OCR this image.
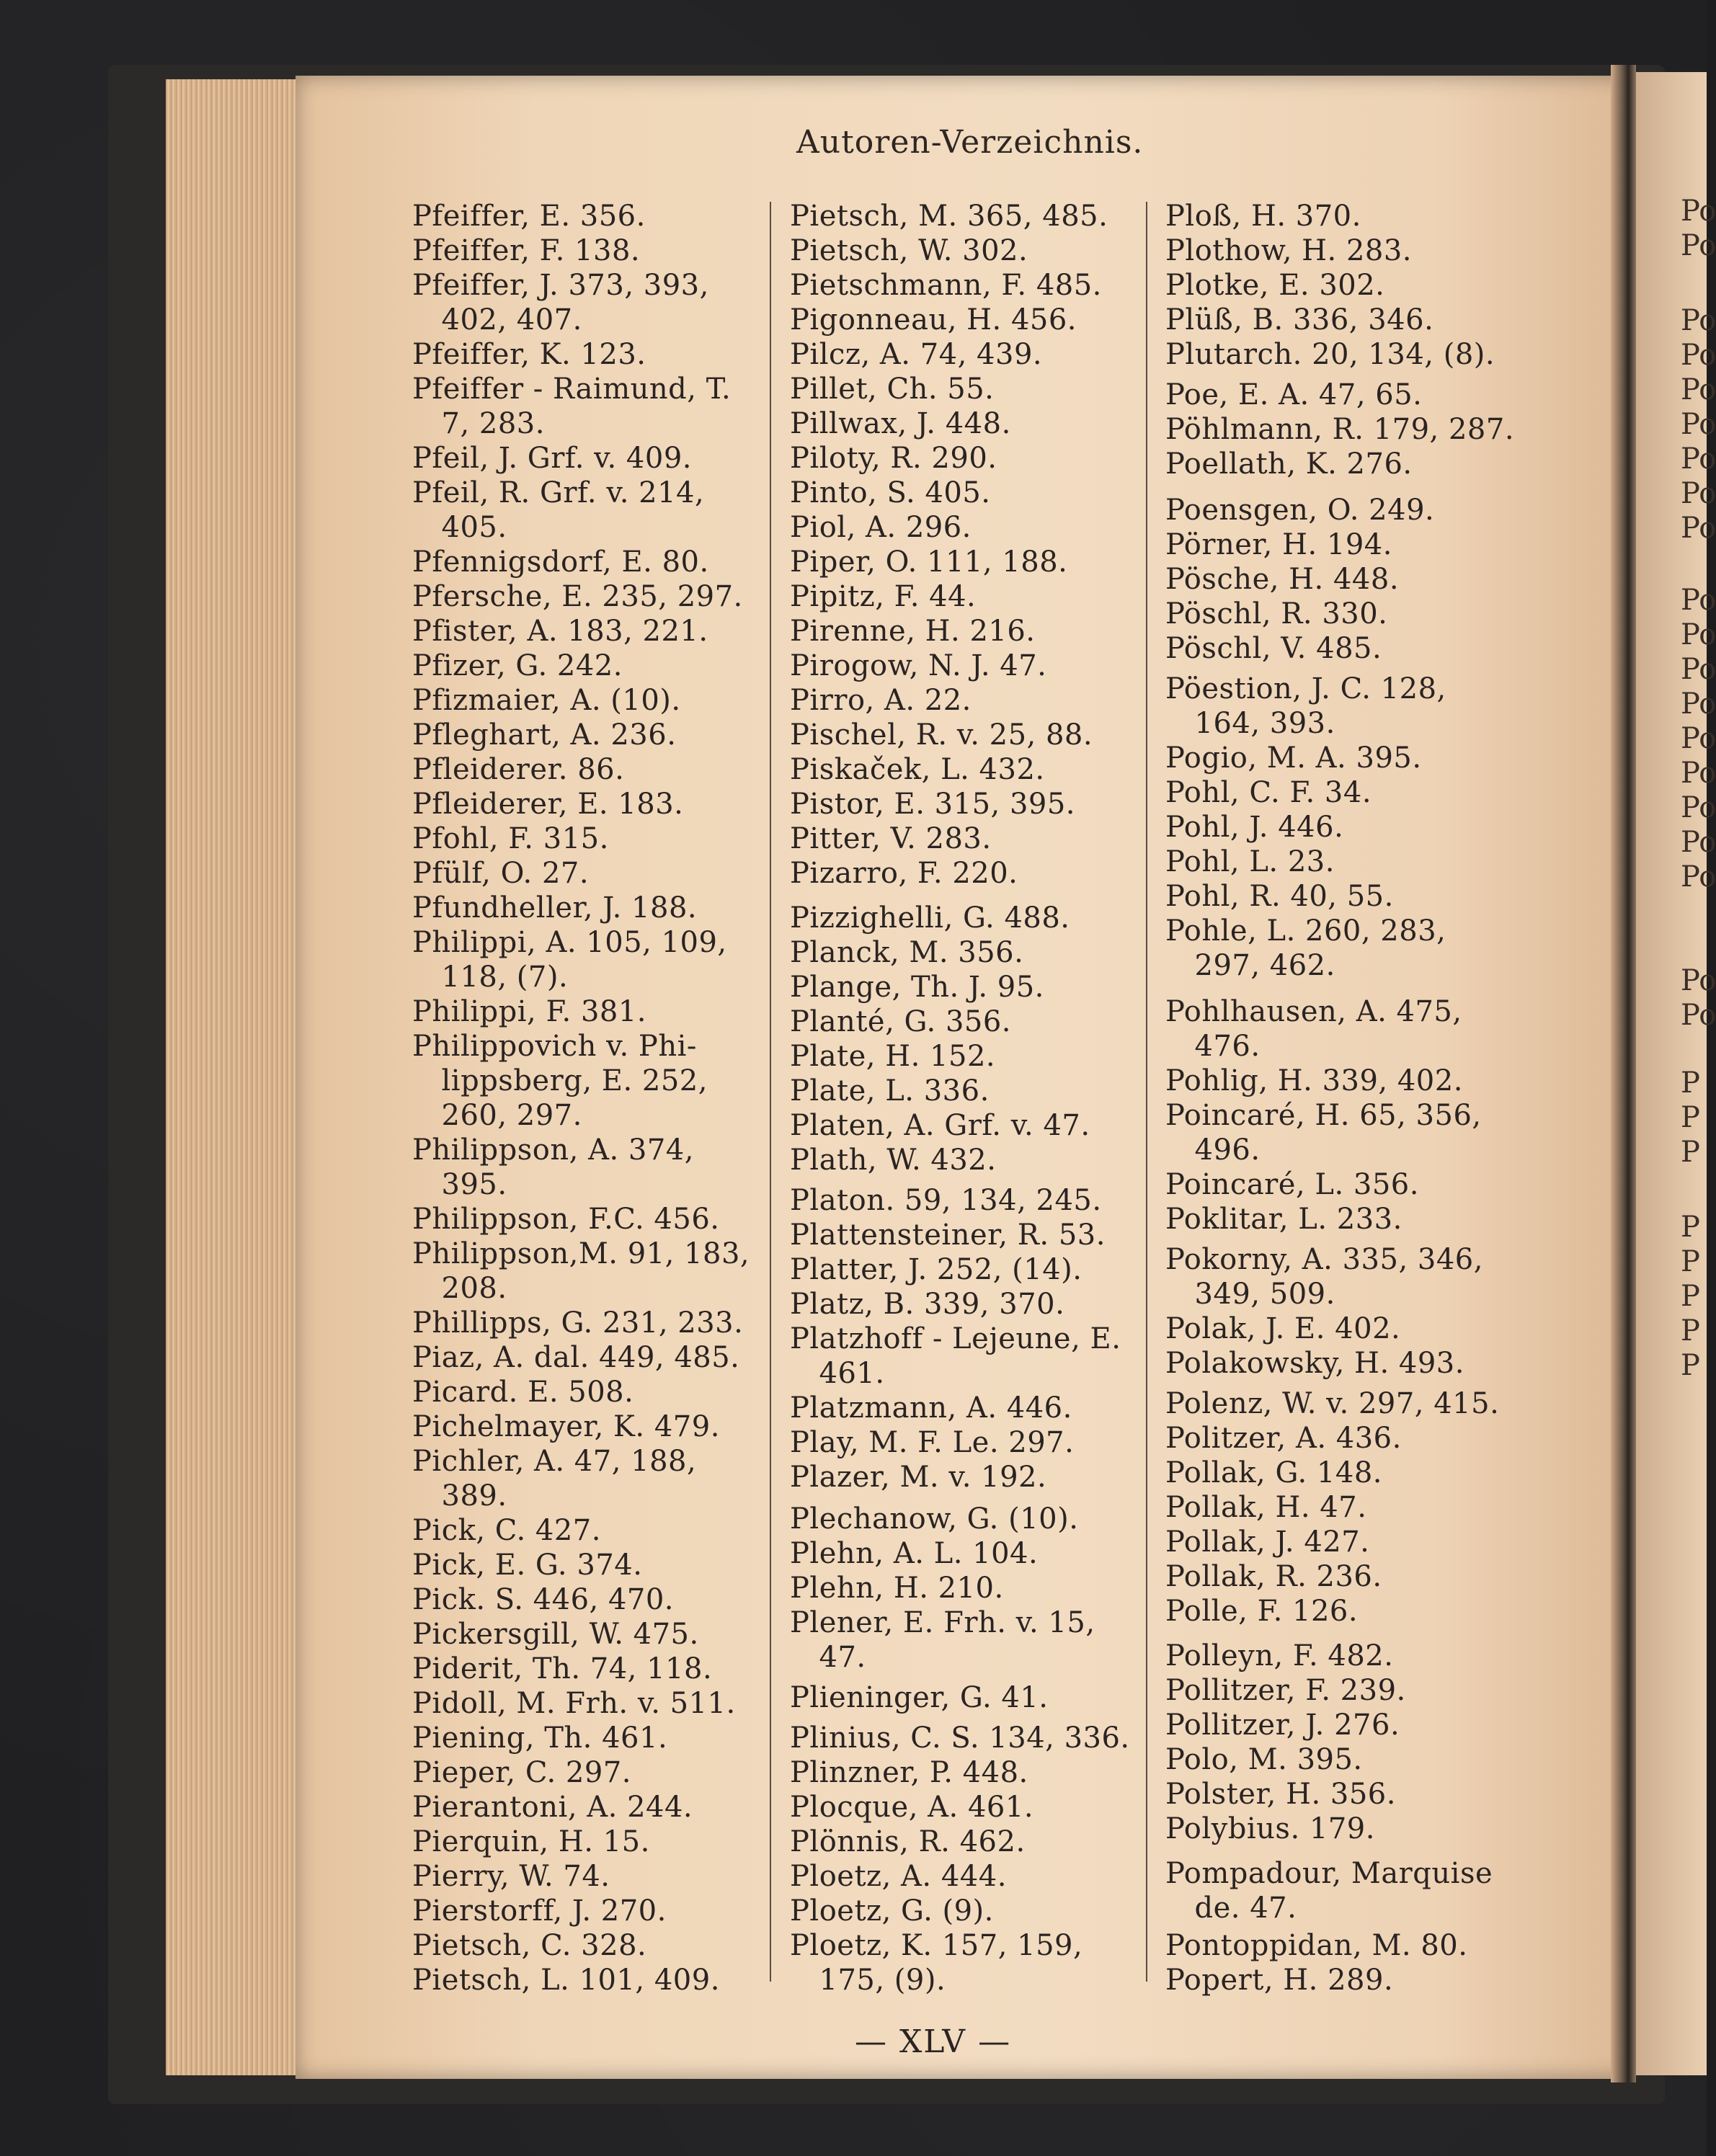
Po
Po
Po
Po
Po
Po
Po
Po
Po
Po
Po
Po
Po
Po
Po
Po
Po
Po
Po
Po
P
P
P
P
P
P
P
P
Autoren-Verzeichnis.
Pfeiffer, E. 356.
Pfeiffer, F. 138.
Pfeiffer, J. 373, 393,
 402, 407.
Pfeiffer, K. 123.
Pfeiffer - Raimund, T.
 7, 283.
Pfeil, J. Grf. v. 409.
Pfeil, R. Grf. v. 214,
 405.
Pfennigsdorf, E. 80.
Pfersche, E. 235, 297.
Pfister, A. 183, 221.
Pfizer, G. 242.
Pfizmaier, A. (10).
Pfleghart, A. 236.
Pfleiderer. 86.
Pfleiderer, E. 183.
Pfohl, F. 315.
Pfülf, O. 27.
Pfundheller, J. 188.
Philippi, A. 105, 109,
 118, (7).
Philippi, F. 381.
Philippovich v. Phi-
 lippsberg, E. 252,
 260, 297.
Philippson, A. 374,
 395.
Philippson, F.C. 456.
Philippson,M. 91, 183,
 208.
Phillipps, G. 231, 233.
Piaz, A. dal. 449, 485.
Picard. E. 508.
Pichelmayer, K. 479.
Pichler, A. 47, 188,
 389.
Pick, C. 427.
Pick, E. G. 374.
Pick. S. 446, 470.
Pickersgill, W. 475.
Piderit, Th. 74, 118.
Pidoll, M. Frh. v. 511.
Piening, Th. 461.
Pieper, C. 297.
Pierantoni, A. 244.
Pierquin, H. 15.
Pierry, W. 74.
Pierstorff, J. 270.
Pietsch, C. 328.
Pietsch, L. 101, 409.
Pietsch, M. 365, 485.
Pietsch, W. 302.
Pietschmann, F. 485.
Pigonneau, H. 456.
Pilcz, A. 74, 439.
Pillet, Ch. 55.
Pillwax, J. 448.
Piloty, R. 290.
Pinto, S. 405.
Piol, A. 296.
Piper, O. 111, 188.
Pipitz, F. 44.
Pirenne, H. 216.
Pirogow, N. J. 47.
Pirro, A. 22.
Pischel, R. v. 25, 88.
Piskaček, L. 432.
Pistor, E. 315, 395.
Pitter, V. 283.
Pizarro, F. 220.
Pizzighelli, G. 488.
Planck, M. 356.
Plange, Th. J. 95.
Planté, G. 356.
Plate, H. 152.
Plate, L. 336.
Platen, A. Grf. v. 47.
Plath, W. 432.
Platon. 59, 134, 245.
Plattensteiner, R. 53.
Platter, J. 252, (14).
Platz, B. 339, 370.
Platzhoff - Lejeune, E.
 461.
Platzmann, A. 446.
Play, M. F. Le. 297.
Plazer, M. v. 192.
Plechanow, G. (10).
Plehn, A. L. 104.
Plehn, H. 210.
Plener, E. Frh. v. 15,
 47.
Plieninger, G. 41.
Plinius, C. S. 134, 336.
Plinzner, P. 448.
Plocque, A. 461.
Plönnis, R. 462.
Ploetz, A. 444.
Ploetz, G. (9).
Ploetz, K. 157, 159,
 175, (9).
Ploß, H. 370.
Plothow, H. 283.
Plotke, E. 302.
Plüß, B. 336, 346.
Plutarch. 20, 134, (8).
Poe, E. A. 47, 65.
Pöhlmann, R. 179, 287.
Poellath, K. 276.
Poensgen, O. 249.
Pörner, H. 194.
Pösche, H. 448.
Pöschl, R. 330.
Pöschl, V. 485.
Pöestion, J. C. 128,
 164, 393.
Pogio, M. A. 395.
Pohl, C. F. 34.
Pohl, J. 446.
Pohl, L. 23.
Pohl, R. 40, 55.
Pohle, L. 260, 283,
 297, 462.
Pohlhausen, A. 475,
 476.
Pohlig, H. 339, 402.
Poincaré, H. 65, 356,
 496.
Poincaré, L. 356.
Poklitar, L. 233.
Pokorny, A. 335, 346,
 349, 509.
Polak, J. E. 402.
Polakowsky, H. 493.
Polenz, W. v. 297, 415.
Politzer, A. 436.
Pollak, G. 148.
Pollak, H. 47.
Pollak, J. 427.
Pollak, R. 236.
Polle, F. 126.
Polleyn, F. 482.
Pollitzer, F. 239.
Pollitzer, J. 276.
Polo, M. 395.
Polster, H. 356.
Polybius. 179.
Pompadour, Marquise
 de. 47.
Pontoppidan, M. 80.
Popert, H. 289.
— XLV —
